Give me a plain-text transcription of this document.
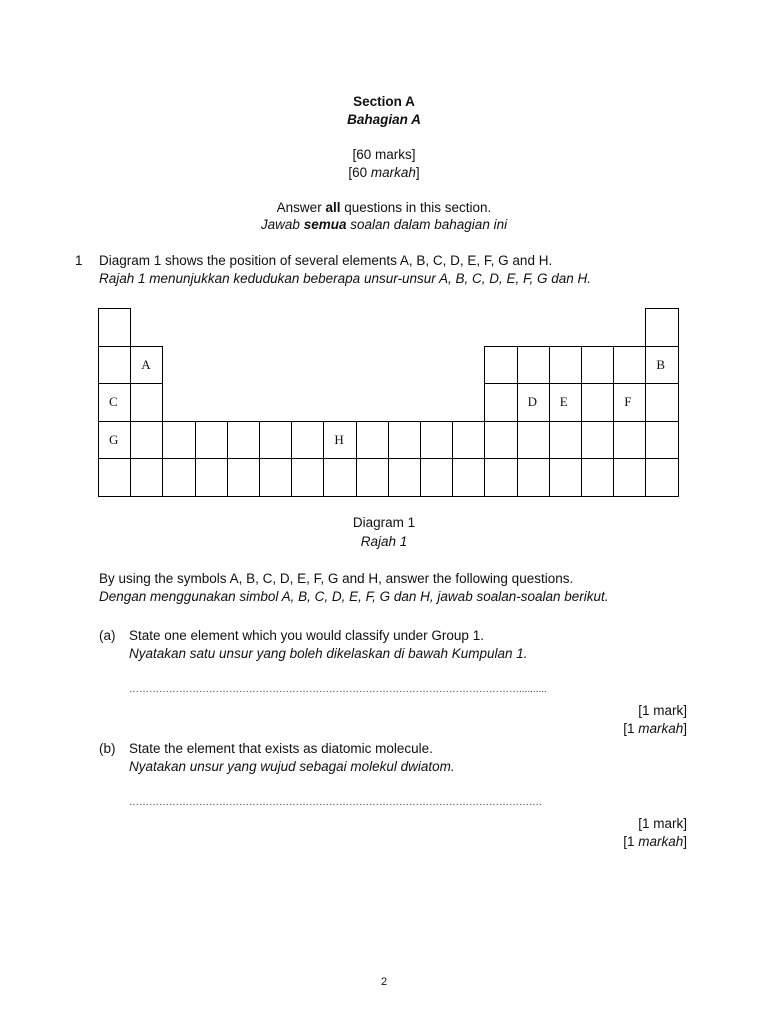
Section A
Bahagian A
[60 marks]
[60 markah]
Answer all questions in this section.
Jawab semua soalan dalam bahagian ini
1 Diagram 1 shows the position of several elements A, B, C, D, E, F, G and H.
Rajah 1 menunjukkan kedudukan beberapa unsur-unsur A, B, C, D, E, F, G dan H.
A	B
C	D E	F
G	H
Diagram 1
Rajah 1
By using the symbols A, B, C, D, E, F, G and H, answer the following questions.
Dengan menggunakan simbol A, B, C, D, E, F, G dan H, jawab soalan-soalan berikut.
(a) State one element which you would classify under Group 1.
Nyatakan satu unsur yang boleh dikelaskan di bawah Kumpulan 1.
………………………………………………………………………………………………………..........
[1 mark]
[1 markah]
(b) State the element that exists as diatomic molecule.
Nyatakan unsur yang wujud sebagai molekul dwiatom.
…………………………………………………………………………………………………………….
[1 mark]
[1 markah]
2
